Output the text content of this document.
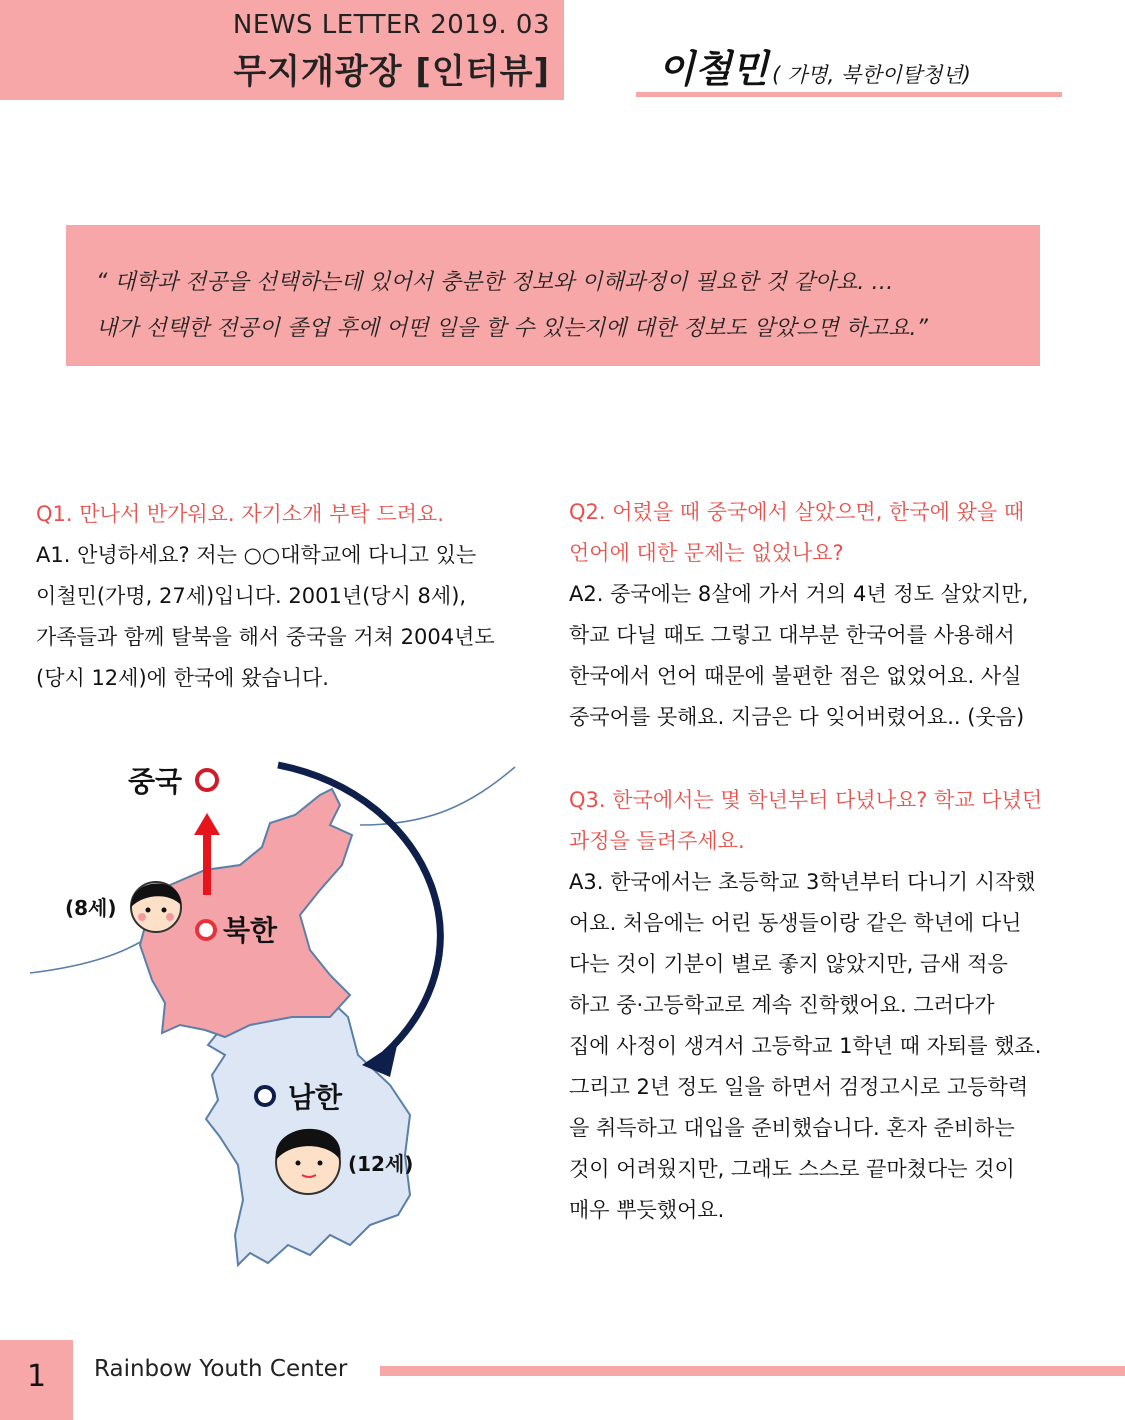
NEWS LETTER 2019. 03
무지개광장 [인터뷰]	이철민 ( 가명, 북한이탈청년)
“ 대학과 전공을 선택하는데 있어서 충분한 정보와 이해과정이 필요한 것 같아요. …
내가 선택한 전공이 졸업 후에 어떤 일을 할 수 있는지에 대한 정보도 알았으면 하고요.”
Q1. 만나서 반가워요. 자기소개 부탁 드려요.
A1. 안녕하세요? 저는 ○○대학교에 다니고 있는
이철민(가명, 27세)입니다. 2001년(당시 8세),
가족들과 함께 탈북을 해서 중국을 거쳐 2004년도
(당시 12세)에 한국에 왔습니다.
Q2. 어렸을 때 중국에서 살았으면, 한국에 왔을 때
언어에 대한 문제는 없었나요?
A2. 중국에는 8살에 가서 거의 4년 정도 살았지만,
학교 다닐 때도 그렇고 대부분 한국어를 사용해서
한국에서 언어 때문에 불편한 점은 없었어요. 사실
중국어를 못해요. 지금은 다 잊어버렸어요.. (웃음)
Q3. 한국에서는 몇 학년부터 다녔나요? 학교 다녔던
과정을 들려주세요.
A3. 한국에서는 초등학교 3학년부터 다니기 시작했
어요. 처음에는 어린 동생들이랑 같은 학년에 다닌
다는 것이 기분이 별로 좋지 않았지만, 금새 적응
하고 중·고등학교로 계속 진학했어요. 그러다가
집에 사정이 생겨서 고등학교 1학년 때 자퇴를 했죠.
그리고 2년 정도 일을 하면서 검정고시로 고등학력
을 취득하고 대입을 준비했습니다. 혼자 준비하는
것이 어려웠지만, 그래도 스스로 끝마쳤다는 것이
매우 뿌듯했어요.
중국
북한
남한
(8세)
(12세)
1	Rainbow Youth Center
